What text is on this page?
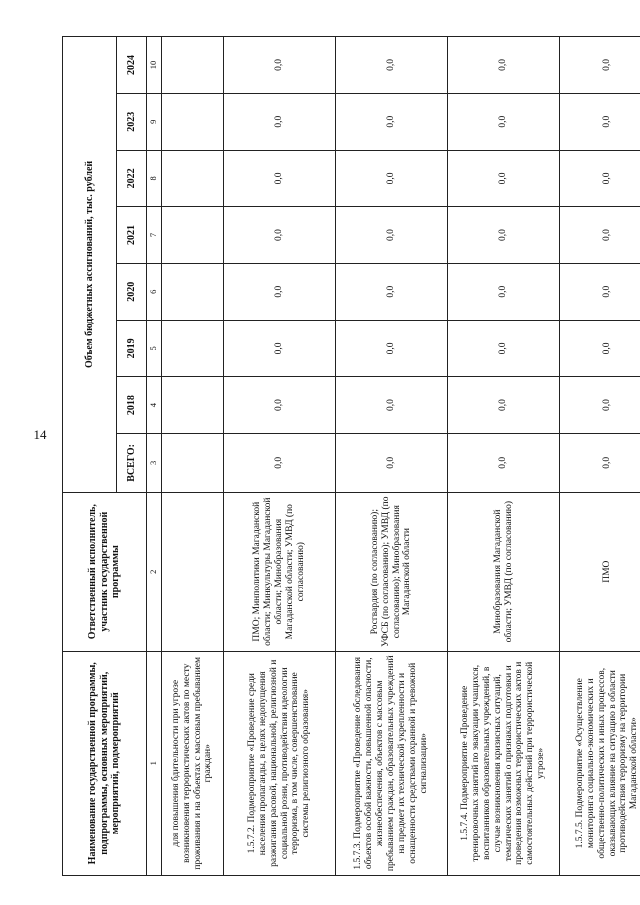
14
Наименование государственной программы, подпрограммы, основных мероприятий, мероприятий, подмероприятий	Ответственный исполнитель, участник государственной программы	Объем бюджетных ассигнований, тыс. рублей							
		ВСЕГО:	2018	2019	2020	2021	2022	2023	2024
1	2	3	4	5	6	7	8	9	10
для повышения бдительности при угрозе возникновения террористических актов по месту проживания и на объектах с массовым пребыванием граждан»									
1.5.7.2. Подмероприятие «Проведение среди населения пропаганды, в целях недопущения разжигания расовой, национальной, религиозной и социальной розни, противодействия идеологии терроризма, в том числе, совершенствование системы религиозного образования»	ПМО; Минполитики Магаданской области; Минкультуры Магаданской области; Минобразования Магаданской области; УМВД (по согласованию)	0,0	0,0	0,0	0,0	0,0	0,0	0,0	0,0
1.5.7.3. Подмероприятие «Проведение обследования объектов особой важности, повышенной опасности, жизнеобеспечения, объектов с массовым пребыванием граждан, образовательных учреждений на предмет их технической укрепленности и оснащенности средствами охранной и тревожной сигнализации»	Росгвардия (по согласованию); УФСБ (по согласованию); УМВД (по согласованию); Минобразования Магаданской области	0,0	0,0	0,0	0,0	0,0	0,0	0,0	0,0
1.5.7.4. Подмероприятие «Проведение тренировочных занятий по эвакуации учащихся, воспитанников образовательных учреждений, в случае возникновения кризисных ситуаций, тематических занятий о признаках подготовки и проведения возможных террористических актов и самостоятельных действий при террористической угрозе»	Минобразования Магаданской области; УМВД (по согласованию)	0,0	0,0	0,0	0,0	0,0	0,0	0,0	0,0
1.5.7.5. Подмероприятие «Осуществление мониторинга социально-экономических и общественно-политических и иных процессов, оказывающих влияние на ситуацию в области противодействия терроризму на территории Магаданской области»	ПМО	0,0	0,0	0,0	0,0	0,0	0,0	0,0	0,0
